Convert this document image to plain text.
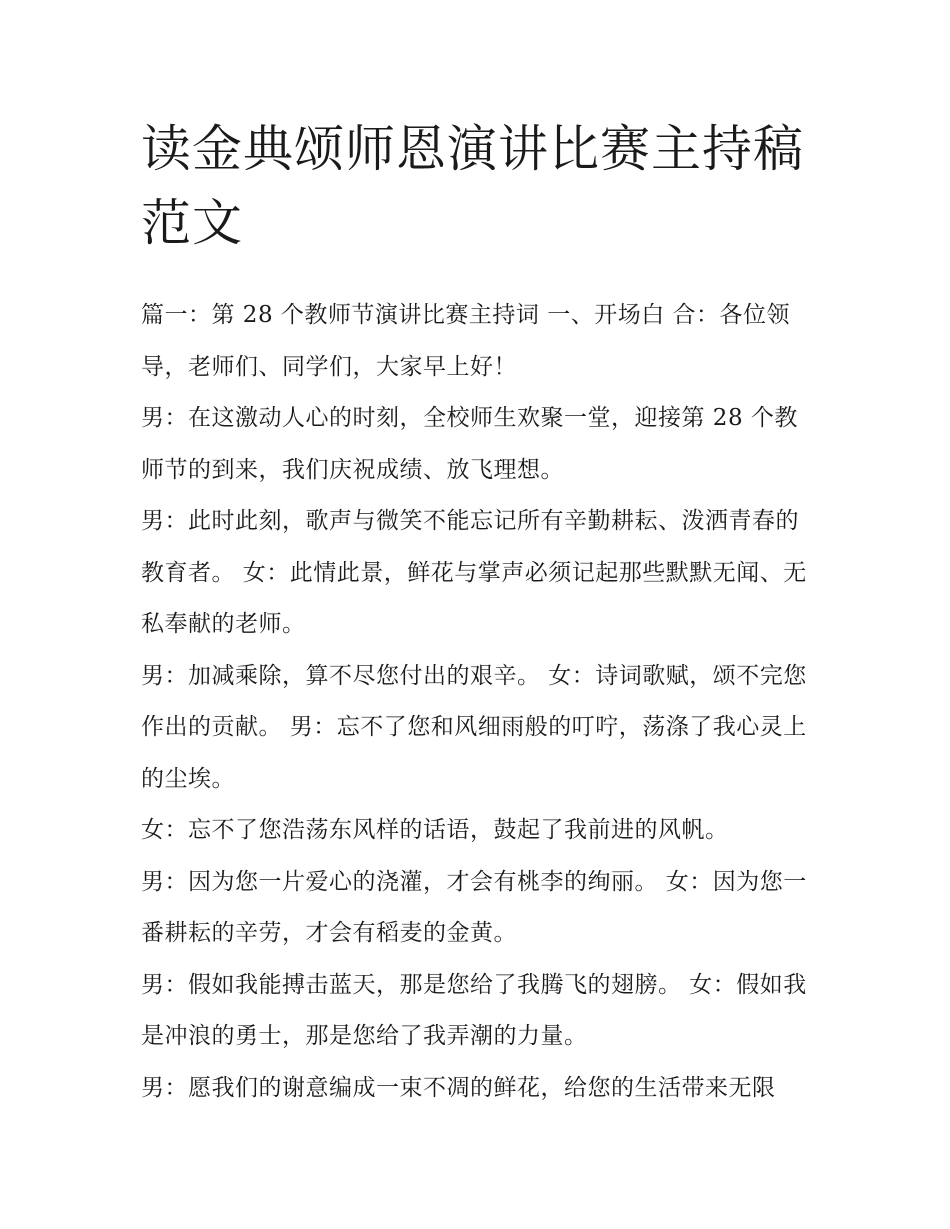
读金典颂师恩演讲比赛主持稿范文

篇一：第 28 个教师节演讲比赛主持词 一、开场白 合：各位领导，老师们、同学们，大家早上好！

男：在这激动人心的时刻，全校师生欢聚一堂，迎接第 28 个教师节的到来，我们庆祝成绩、放飞理想。

男：此时此刻，歌声与微笑不能忘记所有辛勤耕耘、泼洒青春的教育者。 女：此情此景，鲜花与掌声必须记起那些默默无闻、无私奉献的老师。

男：加减乘除，算不尽您付出的艰辛。 女：诗词歌赋，颂不完您作出的贡献。 男：忘不了您和风细雨般的叮咛，荡涤了我心灵上的尘埃。

女：忘不了您浩荡东风样的话语，鼓起了我前进的风帆。

男：因为您一片爱心的浇灌，才会有桃李的绚丽。 女：因为您一番耕耘的辛劳，才会有稻麦的金黄。

男：假如我能搏击蓝天，那是您给了我腾飞的翅膀。 女：假如我是冲浪的勇士，那是您给了我弄潮的力量。

男：愿我们的谢意编成一束不凋的鲜花，给您的生活带来无限
